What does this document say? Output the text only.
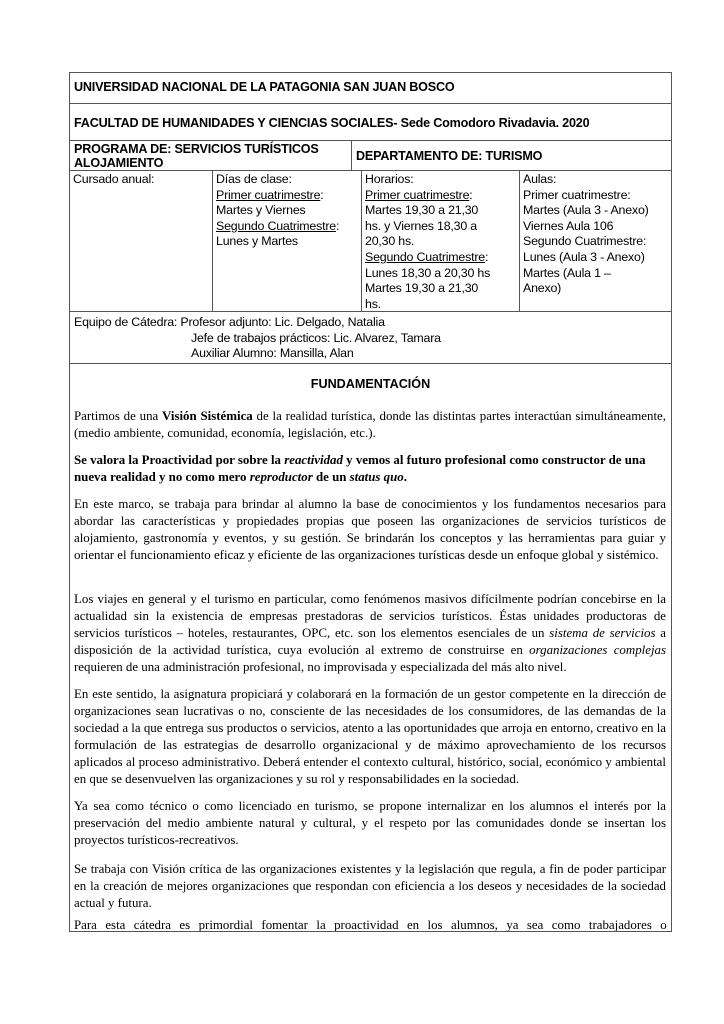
UNIVERSIDAD NACIONAL DE LA PATAGONIA SAN JUAN BOSCO
FACULTAD DE HUMANIDADES Y CIENCIAS SOCIALES- Sede Comodoro Rivadavia. 2020
PROGRAMA DE: SERVICIOS TURÍSTICOS
ALOJAMIENTO	DEPARTAMENTO DE: TURISMO
Cursado anual:	Días de clase:
Primer cuatrimestre:
Martes y Viernes
Segundo Cuatrimestre:
Lunes y Martes
Horarios:
Primer cuatrimestre:
Martes 19,30 a 21,30
hs. y Viernes 18,30 a
20,30 hs.
Segundo Cuatrimestre:
Lunes 18,30 a 20,30 hs
Martes 19,30 a 21,30
hs.
Aulas:
Primer cuatrimestre:
Martes (Aula 3 - Anexo)
Viernes Aula 106
Segundo Cuatrimestre:
Lunes (Aula 3 - Anexo)
Martes (Aula 1 –
Anexo)
Equipo de Cátedra: Profesor adjunto: Lic. Delgado, Natalia
Jefe de trabajos prácticos: Lic. Alvarez, Tamara
Auxiliar Alumno: Mansilla, Alan
FUNDAMENTACIÓN

Partimos de una Visión Sistémica de la realidad turística, donde las distintas partes interactúan simultáneamente, (medio ambiente, comunidad, economía, legislación, etc.).

Se valora la Proactividad por sobre la reactividad y vemos al futuro profesional como constructor de una nueva realidad y no como mero reproductor de un status quo.

En este marco, se trabaja para brindar al alumno la base de conocimientos y los fundamentos necesarios para abordar las características y propiedades propias que poseen las organizaciones de servicios turísticos de alojamiento, gastronomía y eventos, y su gestión. Se brindarán los conceptos y las herramientas para guiar y orientar el funcionamiento eficaz y eficiente de las organizaciones turísticas desde un enfoque global y sistémico.

Los viajes en general y el turismo en particular, como fenómenos masivos difícilmente podrían concebirse en la actualidad sin la existencia de empresas prestadoras de servicios turísticos. Éstas unidades productoras de servicios turísticos – hoteles, restaurantes, OPC, etc. son los elementos esenciales de un sistema de servicios a disposición de la actividad turística, cuya evolución al extremo de construirse en organizaciones complejas requieren de una administración profesional, no improvisada y especializada del más alto nivel.

En este sentido, la asignatura propiciará y colaborará en la formación de un gestor competente en la dirección de organizaciones sean lucrativas o no, consciente de las necesidades de los consumidores, de las demandas de la sociedad a la que entrega sus productos o servicios, atento a las oportunidades que arroja en entorno, creativo en la formulación de las estrategias de desarrollo organizacional y de máximo aprovechamiento de los recursos aplicados al proceso administrativo. Deberá entender el contexto cultural, histórico, social, económico y ambiental en que se desenvuelven las organizaciones y su rol y responsabilidades en la sociedad.

Ya sea como técnico o como licenciado en turismo, se propone internalizar en los alumnos el interés por la preservación del medio ambiente natural y cultural, y el respeto por las comunidades donde se insertan los proyectos turísticos-recreativos.

Se trabaja con Visión crítica de las organizaciones existentes y la legislación que regula, a fin de poder participar en la creación de mejores organizaciones que respondan con eficiencia a los deseos y necesidades de la sociedad actual y futura.

Para esta cátedra es primordial fomentar la proactividad en los alumnos, ya sea como trabajadores o
